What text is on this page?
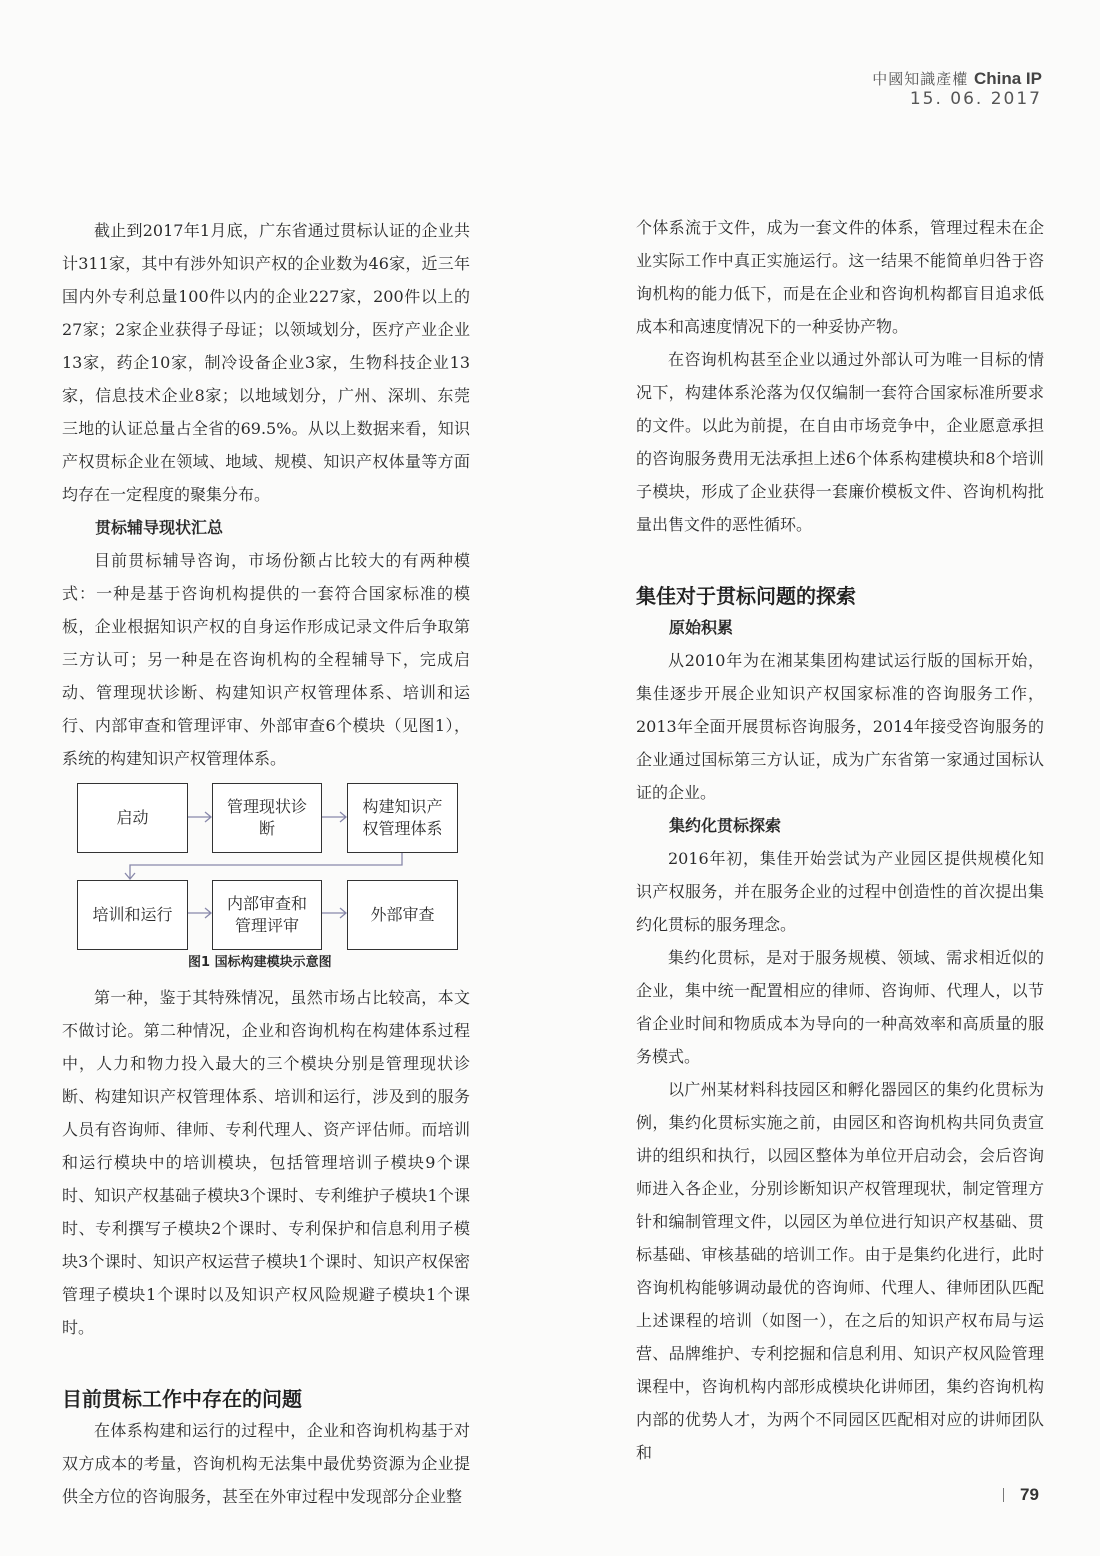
中國知識產權 China IP
15. 06. 2017

截止到2017年1月底，广东省通过贯标认证的企业共计311家，其中有涉外知识产权的企业数为46家，近三年国内外专利总量100件以内的企业227家，200件以上的27家；2家企业获得子母证；以领域划分，医疗产业企业13家，药企10家，制冷设备企业3家，生物科技企业13家，信息技术企业8家；以地域划分，广州、深圳、东莞三地的认证总量占全省的69.5%。从以上数据来看，知识产权贯标企业在领域、地域、规模、知识产权体量等方面均存在一定程度的聚集分布。

贯标辅导现状汇总

目前贯标辅导咨询，市场份额占比较大的有两种模式：一种是基于咨询机构提供的一套符合国家标准的模板，企业根据知识产权的自身运作形成记录文件后争取第三方认可；另一种是在咨询机构的全程辅导下，完成启动、管理现状诊断、构建知识产权管理体系、培训和运行、内部审查和管理评审、外部审查6个模块（见图1），系统的构建知识产权管理体系。

启动
管理现状诊断
构建知识产权管理体系
培训和运行
内部审查和管理评审
外部审查
图1 国标构建模块示意图

第一种，鉴于其特殊情况，虽然市场占比较高，本文不做讨论。第二种情况，企业和咨询机构在构建体系过程中，人力和物力投入最大的三个模块分别是管理现状诊断、构建知识产权管理体系、培训和运行，涉及到的服务人员有咨询师、律师、专利代理人、资产评估师。而培训和运行模块中的培训模块，包括管理培训子模块9个课时、知识产权基础子模块3个课时、专利维护子模块1个课时、专利撰写子模块2个课时、专利保护和信息利用子模块3个课时、知识产权运营子模块1个课时、知识产权保密管理子模块1个课时以及知识产权风险规避子模块1个课时。

目前贯标工作中存在的问题

在体系构建和运行的过程中，企业和咨询机构基于对双方成本的考量，咨询机构无法集中最优势资源为企业提供全方位的咨询服务，甚至在外审过程中发现部分企业整

个体系流于文件，成为一套文件的体系，管理过程未在企业实际工作中真正实施运行。这一结果不能简单归咎于咨询机构的能力低下，而是在企业和咨询机构都盲目追求低成本和高速度情况下的一种妥协产物。

在咨询机构甚至企业以通过外部认可为唯一目标的情况下，构建体系沦落为仅仅编制一套符合国家标准所要求的文件。以此为前提，在自由市场竞争中，企业愿意承担的咨询服务费用无法承担上述6个体系构建模块和8个培训子模块，形成了企业获得一套廉价模板文件、咨询机构批量出售文件的恶性循环。

集佳对于贯标问题的探索
原始积累

从2010年为在湘某集团构建试运行版的国标开始，集佳逐步开展企业知识产权国家标准的咨询服务工作，2013年全面开展贯标咨询服务，2014年接受咨询服务的企业通过国标第三方认证，成为广东省第一家通过国标认证的企业。

集约化贯标探索

2016年初，集佳开始尝试为产业园区提供规模化知识产权服务，并在服务企业的过程中创造性的首次提出集约化贯标的服务理念。

集约化贯标，是对于服务规模、领域、需求相近似的企业，集中统一配置相应的律师、咨询师、代理人，以节省企业时间和物质成本为导向的一种高效率和高质量的服务模式。

以广州某材料科技园区和孵化器园区的集约化贯标为例，集约化贯标实施之前，由园区和咨询机构共同负责宣讲的组织和执行，以园区整体为单位开启动会，会后咨询师进入各企业，分别诊断知识产权管理现状，制定管理方针和编制管理文件，以园区为单位进行知识产权基础、贯标基础、审核基础的培训工作。由于是集约化进行，此时咨询机构能够调动最优的咨询师、代理人、律师团队匹配上述课程的培训（如图一），在之后的知识产权布局与运营、品牌维护、专利挖掘和信息利用、知识产权风险管理课程中，咨询机构内部形成模块化讲师团，集约咨询机构内部的优势人才，为两个不同园区匹配相对应的讲师团队和

79
